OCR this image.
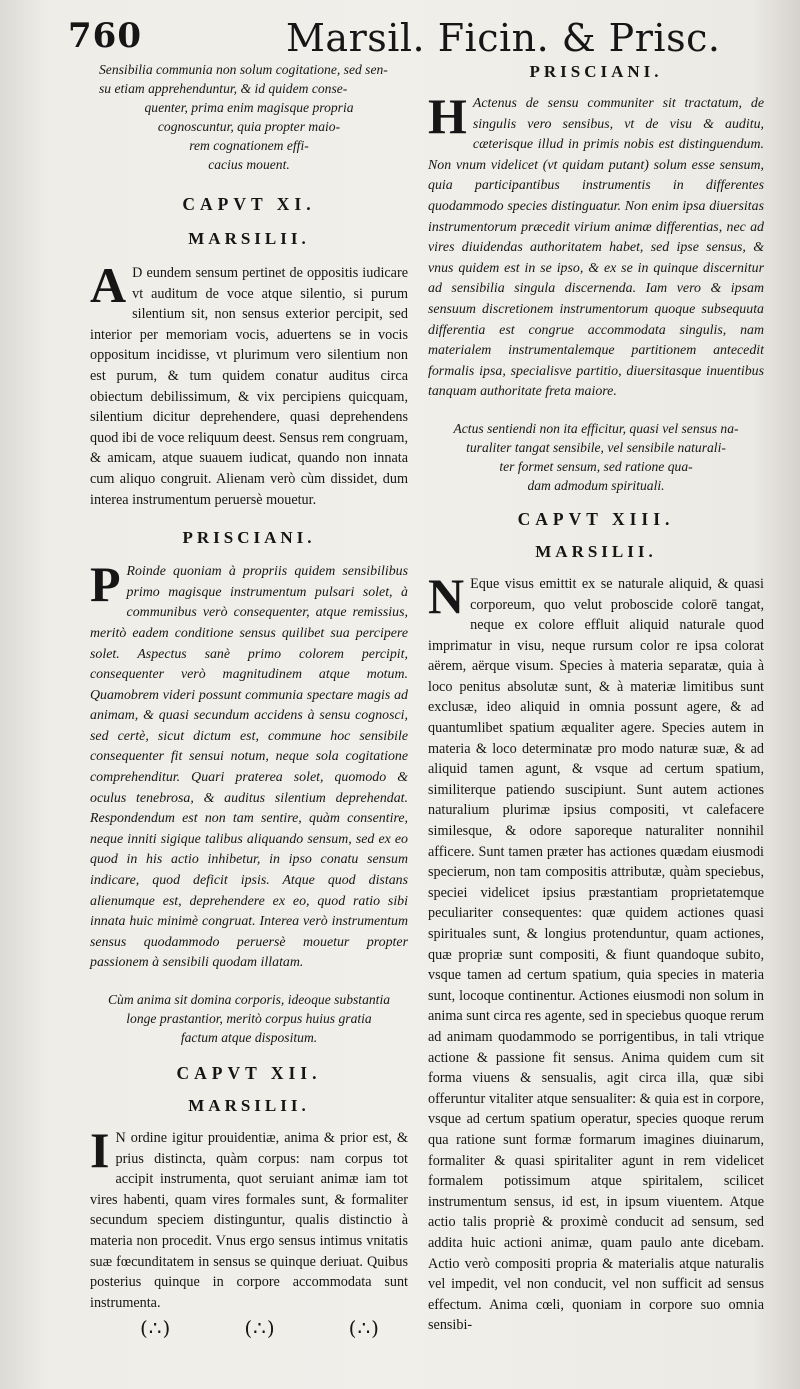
760	Marsil. Ficin. & Prisc.
Sensibilia communia non solum cogitatione, sed sen-
su etiam apprehenduntur, & id quidem conse-
quenter, prima enim magisque propria
cognoscuntur, quia propter maio-
rem cognationem effi-
cacius mouent.
CAPVT XI.
MARSILII.
A D eundem sensum pertinet de oppositis iudicare vt auditum de voce atque silentio, si purum silentium sit, non sensus exterior percipit, sed interior per memoriam vocis, aduertens se in vocis oppositum incidisse, vt plurimum vero silentium non est purum, & tum quidem conatur auditus circa obiectum debilissimum, & vix percipiens quicquam, silentium dicitur deprehendere, quasi deprehendens quod ibi de voce reliquum deest. Sensus rem congruam, & amicam, atque suauem iudicat, quando non innata cum aliquo congruit. Alienam verò cùm dissidet, dum interea instrumentum peruersè mouetur.

PRISCIANI.
P Roinde quoniam à propriis quidem sensibilibus primo magisque instrumentum pulsari solet, à communibus verò consequenter, atque remissius, meritò eadem conditione sensus quilibet sua percipere solet. Aspectus sanè primo colorem percipit, consequenter verò magnitudinem atque motum. Quamobrem videri possunt communia spectare magis ad animam, & quasi secundum accidens à sensu cognosci, sed certè, sicut dictum est, commune hoc sensibile consequenter fit sensui notum, neque sola cogitatione comprehenditur. Quari praterea solet, quomodo & oculus tenebrosa, & auditus silentium deprehendat. Respondendum est non tam sentire, quàm consentire, neque inniti sigique talibus aliquando sensum, sed ex eo quod in his actio inhibetur, in ipso conatu sensum indicare, quod deficit ipsis. Atque quod distans alienumque est, deprehendere ex eo, quod ratio sibi innata huic minimè congruat. Interea verò instrumentum sensus quodammodo peruersè mouetur propter passionem à sensibili quodam illatam.

Cùm anima sit domina corporis, ideoque substantia
longe prastantior, meritò corpus huius gratia
factum atque dispositum.
CAPVT XII.
MARSILII.
I N ordine igitur prouidentiæ, anima & prior est, & prius distincta, quàm corpus: nam corpus tot accipit instrumenta, quot seruiant animæ iam tot vires habenti, quam vires formales sunt, & formaliter secundum speciem distinguntur, qualis distinctio à materia non procedit. Vnus ergo sensus intimus vnitatis suæ fœcunditatem in sensus se quinque deriuat. Quibus posterius quinque in corpore accommodata sunt instrumenta.

(∴)	(∴)	(∴)
PRISCIANI.
H Actenus de sensu communiter sit tractatum, de singulis vero sensibus, vt de visu & auditu, cæterisque illud in primis nobis est distinguendum. Non vnum videlicet (vt quidam putant) solum esse sensum, quia participantibus instrumentis in differentes quodammodo species distinguatur. Non enim ipsa diuersitas instrumentorum præcedit virium animæ differentias, nec ad vires diuidendas authoritatem habet, sed ipse sensus, & vnus quidem est in se ipso, & ex se in quinque discernitur ad sensibilia singula discernenda. Iam vero & ipsam sensuum discretionem instrumentorum quoque subsequuta differentia est congrue accommodata singulis, nam materialem instrumentalemque partitionem antecedit formalis ipsa, specialisve partitio, diuersitasque inuentibus tanquam authoritate freta maiore.

Actus sentiendi non ita efficitur, quasi vel sensus na-
turaliter tangat sensibile, vel sensibile naturali-
ter formet sensum, sed ratione qua-
dam admodum spirituali.
CAPVT XIII.
MARSILII.
N Eque visus emittit ex se naturale aliquid, & quasi corporeum, quo velut proboscide colorē tangat, neque ex colore effluit aliquid naturale quod imprimatur in visu, neque rursum color re ipsa colorat aërem, aërque visum. Species à materia separatæ, quia à loco penitus absolutæ sunt, & à materiæ limitibus sunt exclusæ, ideo aliquid in omnia possunt agere, & ad quantumlibet spatium æqualiter agere. Species autem in materia & loco determinatæ pro modo naturæ suæ, & ad aliquid tamen agunt, & vsque ad certum spatium, similiterque patiendo suscipiunt. Sunt autem actiones naturalium plurimæ ipsius compositi, vt calefacere similesque, & odore saporeque naturaliter nonnihil afficere. Sunt tamen præter has actiones quædam eiusmodi specierum, non tam compositis attributæ, quàm speciebus, speciei videlicet ipsius præstantiam proprietatemque peculiariter consequentes: quæ quidem actiones quasi spirituales sunt, & longius protenduntur, quam actiones, quæ propriæ sunt compositi, & fiunt quandoque subito, vsque tamen ad certum spatium, quia species in materia sunt, locoque continentur. Actiones eiusmodi non solum in anima sunt circa res agente, sed in speciebus quoque rerum ad animam quodammodo se porrigentibus, in tali vtrique actione & passione fit sensus. Anima quidem cum sit forma viuens & sensualis, agit circa illa, quæ sibi offeruntur vitaliter atque sensualiter: & quia est in corpore, vsque ad certum spatium operatur, species quoque rerum qua ratione sunt formæ formarum imagines diuinarum, formaliter & quasi spiritaliter agunt in rem videlicet formalem potissimum atque spiritalem, scilicet instrumentum sensus, id est, in ipsum viuentem. Atque actio talis propriè & proximè conducit ad sensum, sed addita huic actioni animæ, quam paulo ante dicebam. Actio verò compositi propria & materialis atque naturalis vel impedit, vel non conducit, vel non sufficit ad sensus effectum. Anima cœli, quoniam in corpore suo omnia sensibi-
